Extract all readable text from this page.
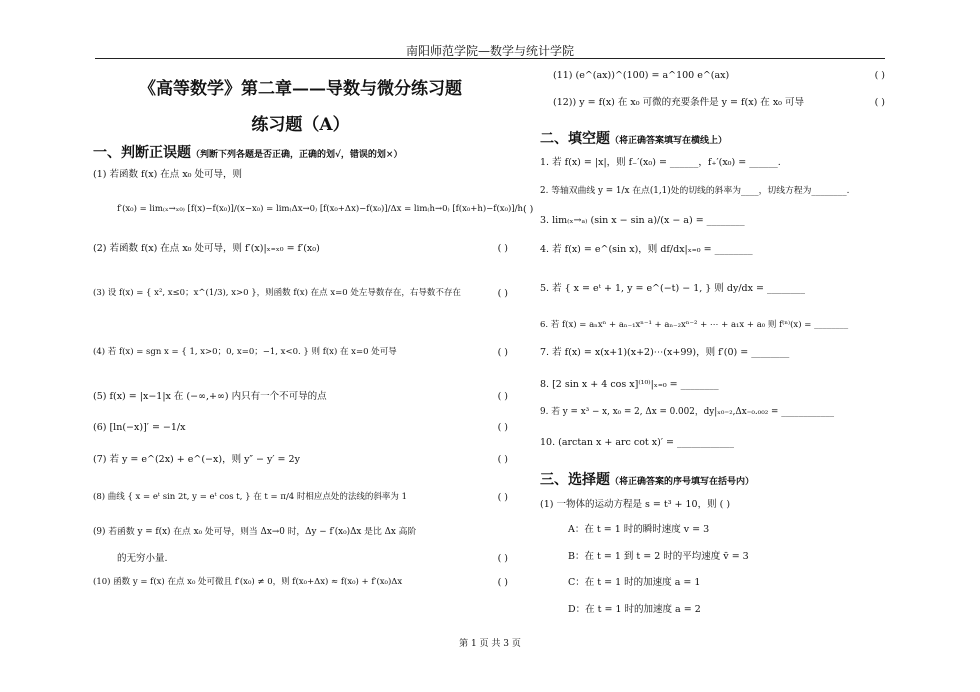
南阳师范学院—数学与统计学院
《高等数学》第二章——导数与微分练习题
练习题（A）
一、判断正误题（判断下列各题是否正确，正确的划√，错误的划×）
(1) 若函数 f(x) 在点 x₀ 处可导，则
f′(x₀) = lim₍ₓ→ₓ₀₎ [f(x)−f(x₀)]/(x−x₀) = lim₍Δx→0₎ [f(x₀+Δx)−f(x₀)]/Δx = lim₍h→0₎ [f(x₀+h)−f(x₀)]/h ( )
(2) 若函数 f(x) 在点 x₀ 处可导，则 f′(x)|ₓ₌ₓ₀ = f′(x₀)	( )
(3) 设 f(x) = { x², x≤0；x^(1/3), x>0 }，则函数 f(x) 在点 x=0 处左导数存在，右导数不存在	( )
(4) 若 f(x) = sgn x = { 1, x>0；0, x=0；−1, x<0. } 则 f(x) 在 x=0 处可导	( )
(5) f(x) = |x−1|x 在 (−∞,+∞) 内只有一个不可导的点	( )
(6) [ln(−x)]′ = −1/x	( )
(7) 若 y = e^(2x) + e^(−x)，则 y″ − y′ = 2y	( )
(8) 曲线 { x = eᵗ sin 2t, y = eᵗ cos t, } 在 t = π/4 时相应点处的法线的斜率为 1	( )
(9) 若函数 y = f(x) 在点 x₀ 处可导，则当 Δx→0 时，Δy − f′(x₀)Δx 是比 Δx 高阶
的无穷小量.	( )
(10) 函数 y = f(x) 在点 x₀ 处可微且 f′(x₀) ≠ 0，则 f(x₀+Δx) ≈ f(x₀) + f′(x₀)Δx	( )
(11) (e^(ax))^(100) = a^100 e^(ax)	( )
(12)) y = f(x) 在 x₀ 可微的充要条件是 y = f(x) 在 x₀ 可导	( )
二、填空题（将正确答案填写在横线上）
1. 若 f(x) = |x|，则 f₋′(x₀) = ______，f₊′(x₀) = ______.
2. 等轴双曲线 y = 1/x 在点(1,1)处的切线的斜率为____，切线方程为________.
3. lim₍ₓ→ₐ₎ (sin x − sin a)/(x − a) = ________
4. 若 f(x) = e^(sin x)，则 df/dx|ₓ₌₀ = ________
5. 若 { x = eᵗ + 1, y = e^(−t) − 1, } 则 dy/dx = ________
6. 若 f(x) = aₙxⁿ + aₙ₋₁xⁿ⁻¹ + aₙ₋₂xⁿ⁻² + ⋯ + a₁x + a₀ 则 f⁽ⁿ⁾(x) = ________
7. 若 f(x) = x(x+1)(x+2)⋯(x+99)，则 f′(0) = ________
8. [2 sin x + 4 cos x]⁽¹⁰⁾|ₓ₌₀ = ________
9. 若 y = x³ − x, x₀ = 2, Δx = 0.002，dy|ₓ₀₌₂,Δx₌₀.₀₀₂ = ____________
10. (arctan x + arc cot x)′ = ____________
三、选择题（将正确答案的序号填写在括号内）
(1) 一物体的运动方程是 s = t³ + 10，则 ( )
A：在 t = 1 时的瞬时速度 v = 3
B：在 t = 1 到 t = 2 时的平均速度 v̄ = 3
C：在 t = 1 时的加速度 a = 1
D：在 t = 1 时的加速度 a = 2
第 1 页 共 3 页
